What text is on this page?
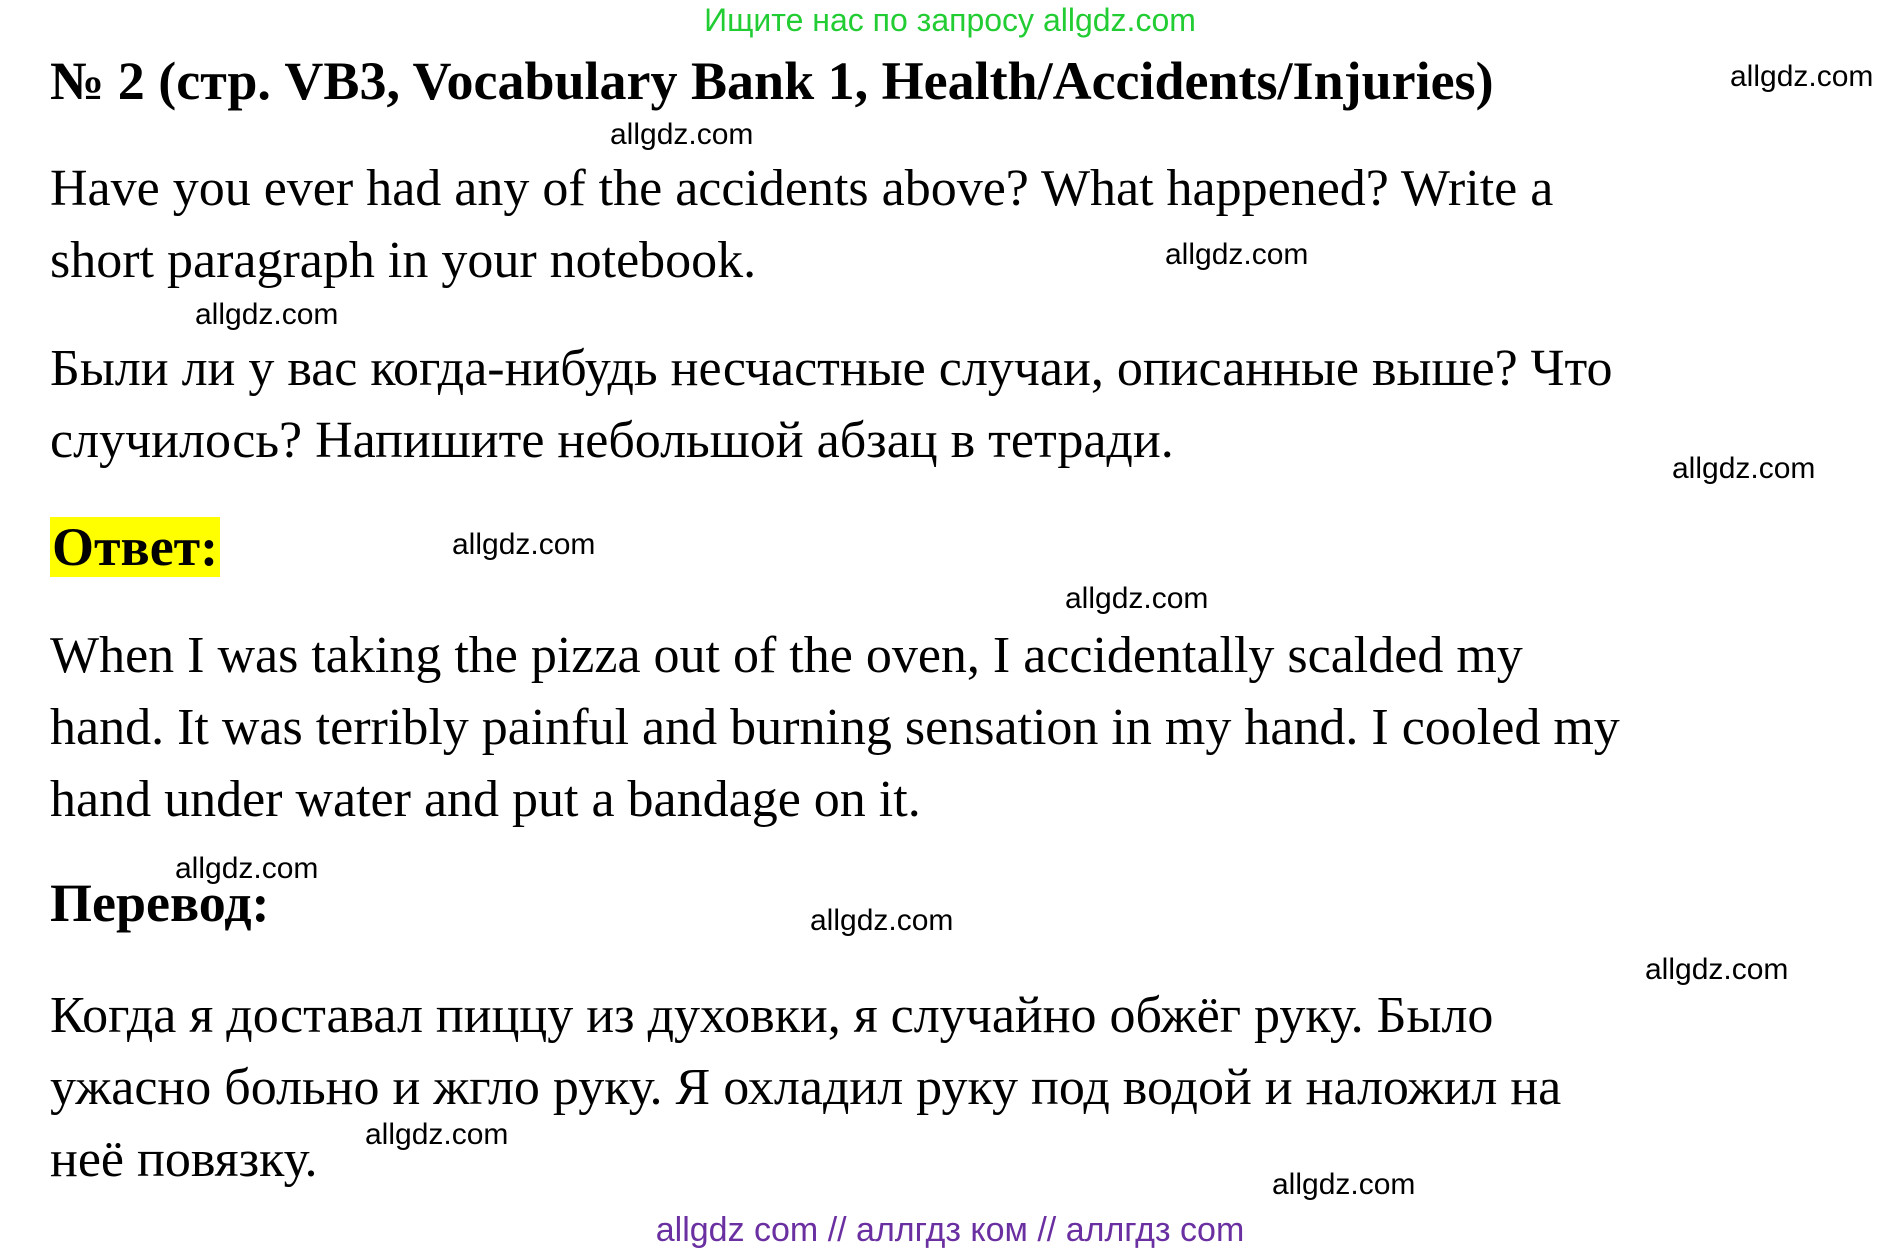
Ищите нас по запросу allgdz.com
№ 2 (стр. VB3, Vocabulary Bank 1, Health/Accidents/Injuries)
Have you ever had any of the accidents above? What happened? Write a
short paragraph in your notebook.
Были ли у вас когда-нибудь несчастные случаи, описанные выше? Что
случилось? Напишите небольшой абзац в тетради.
Ответ:
When I was taking the pizza out of the oven, I accidentally scalded my
hand. It was terribly painful and burning sensation in my hand. I cooled my
hand under water and put a bandage on it.
Перевод:
Когда я доставал пиццу из духовки, я случайно обжёг руку. Было
ужасно больно и жгло руку. Я охладил руку под водой и наложил на
неё повязку.
allgdz.com
allgdz.com
allgdz.com
allgdz.com
allgdz.com
allgdz.com
allgdz.com
allgdz.com
allgdz.com
allgdz.com
allgdz.com
allgdz.com
allgdz com // аллгдз ком // аллгдз com
